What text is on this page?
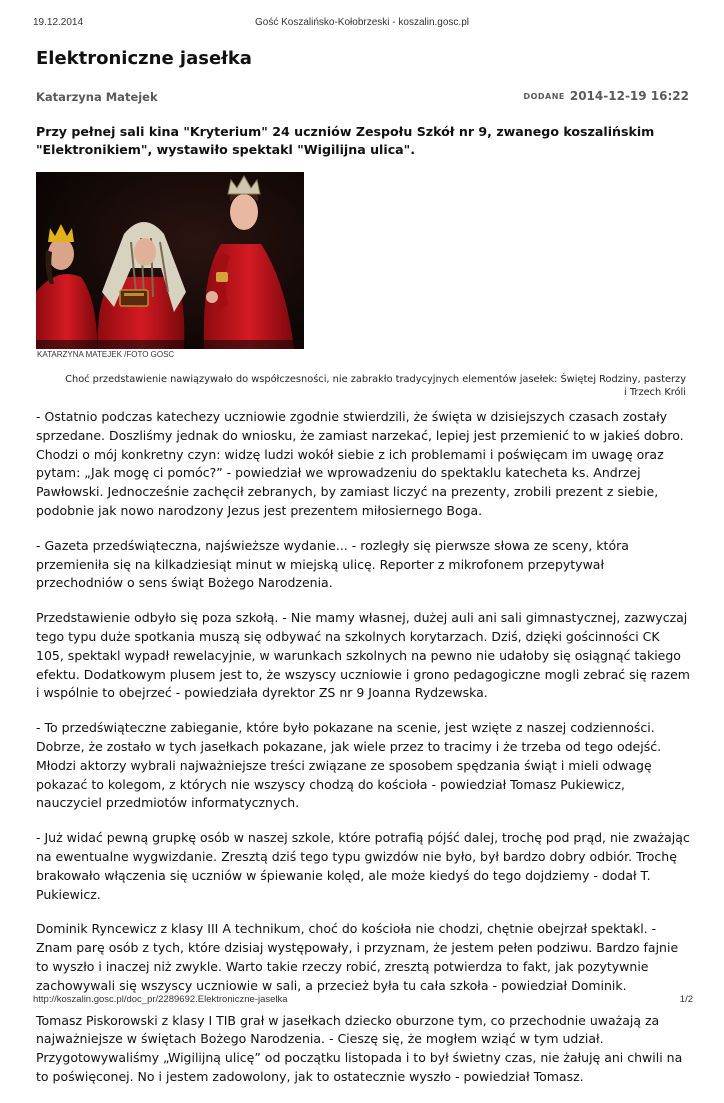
19.12.2014	Gość Koszalińsko-Kołobrzeski - koszalin.gosc.pl
Elektroniczne jasełka
Katarzyna Matejek	DODANE 2014-12-19 16:22

Przy pełnej sali kina "Kryterium" 24 uczniów Zespołu Szkół nr 9, zwanego koszalińskim "Elektronikiem", wystawiło spektakl "Wigilijna ulica".

KATARZYNA MATEJEK /FOTO GOSC

Choć przedstawienie nawiązywało do współczesności, nie zabrakło tradycyjnych elementów jasełek: Świętej Rodziny, pasterzy i Trzech Króli

- Ostatnio podczas katechezy uczniowie zgodnie stwierdzili, że święta w dzisiejszych czasach zostały sprzedane. Doszliśmy jednak do wniosku, że zamiast narzekać, lepiej jest przemienić to w jakieś dobro. Chodzi o mój konkretny czyn: widzę ludzi wokół siebie z ich problemami i poświęcam im uwagę oraz pytam: „Jak mogę ci pomóc?” - powiedział we wprowadzeniu do spektaklu katecheta ks. Andrzej Pawłowski. Jednocześnie zachęcił zebranych, by zamiast liczyć na prezenty, zrobili prezent z siebie, podobnie jak nowo narodzony Jezus jest prezentem miłosiernego Boga.

- Gazeta przedświąteczna, najświeższe wydanie... - rozległy się pierwsze słowa ze sceny, która przemieniła się na kilkadziesiąt minut w miejską ulicę. Reporter z mikrofonem przepytywał przechodniów o sens świąt Bożego Narodzenia.

Przedstawienie odbyło się poza szkołą. - Nie mamy własnej, dużej auli ani sali gimnastycznej, zazwyczaj tego typu duże spotkania muszą się odbywać na szkolnych korytarzach. Dziś, dzięki gościnności CK 105, spektakl wypadł rewelacyjnie, w warunkach szkolnych na pewno nie udałoby się osiągnąć takiego efektu. Dodatkowym plusem jest to, że wszyscy uczniowie i grono pedagogiczne mogli zebrać się razem i wspólnie to obejrzeć - powiedziała dyrektor ZS nr 9 Joanna Rydzewska.

- To przedświąteczne zabieganie, które było pokazane na scenie, jest wzięte z naszej codzienności. Dobrze, że zostało w tych jasełkach pokazane, jak wiele przez to tracimy i że trzeba od tego odejść. Młodzi aktorzy wybrali najważniejsze treści związane ze sposobem spędzania świąt i mieli odwagę pokazać to kolegom, z których nie wszyscy chodzą do kościoła - powiedział Tomasz Pukiewicz, nauczyciel przedmiotów informatycznych.

- Już widać pewną grupkę osób w naszej szkole, które potrafią pójść dalej, trochę pod prąd, nie zważając na ewentualne wygwizdanie. Zresztą dziś tego typu gwizdów nie było, był bardzo dobry odbiór. Trochę brakowało włączenia się uczniów w śpiewanie kolęd, ale może kiedyś do tego dojdziemy - dodał T. Pukiewicz.

Dominik Ryncewicz z klasy III A technikum, choć do kościoła nie chodzi, chętnie obejrzał spektakl. - Znam parę osób z tych, które dzisiaj występowały, i przyznam, że jestem pełen podziwu. Bardzo fajnie to wyszło i inaczej niż zwykle. Warto takie rzeczy robić, zresztą potwierdza to fakt, jak pozytywnie zachowywali się wszyscy uczniowie w sali, a przecież była tu cała szkoła - powiedział Dominik.

Tomasz Piskorowski z klasy I TIB grał w jasełkach dziecko oburzone tym, co przechodnie uważają za najważniejsze w świętach Bożego Narodzenia. - Cieszę się, że mogłem wziąć w tym udział. Przygotowywaliśmy „Wigilijną ulicę” od początku listopada i to był świetny czas, nie żałuję ani chwili na to poświęconej. No i jestem zadowolony, jak to ostatecznie wyszło - powiedział Tomasz.

http://koszalin.gosc.pl/doc_pr/2289692.Elektroniczne-jaselka	1/2
